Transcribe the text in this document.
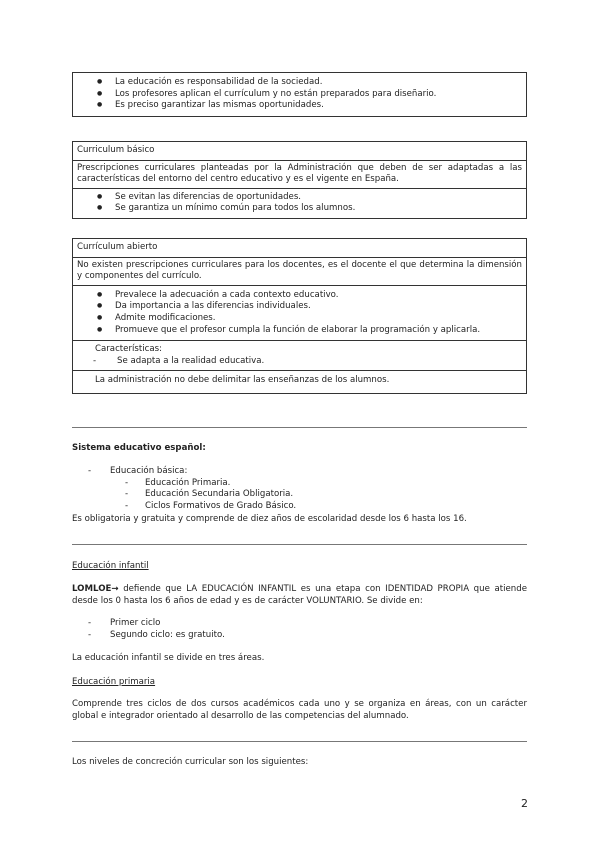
● La educación es responsabilidad de la sociedad.
● Los profesores aplican el currículum y no están preparados para diseñario.
● Es preciso garantizar las mismas oportunidades.
Curriculum básico
Prescripciones curriculares planteadas por la Administración que deben de ser adaptadas a las características del entorno del centro educativo y es el vigente en España.
● Se evitan las diferencias de oportunidades.
● Se garantiza un mínimo común para todos los alumnos.
Currículum abierto
No existen prescripciones curriculares para los docentes, es el docente el que determina la dimensión y componentes del currículo.
● Prevalece la adecuación a cada contexto educativo.
● Da importancia a las diferencias individuales.
● Admite modificaciones.
● Promueve que el profesor cumpla la función de elaborar la programación y aplicarla.
Características:
- Se adapta a la realidad educativa.
La administración no debe delimitar las enseñanzas de los alumnos.
Sistema educativo español:
- Educación básica:
- Educación Primaria.
- Educación Secundaria Obligatoria.
- Ciclos Formativos de Grado Básico.
Es obligatoria y gratuita y comprende de diez años de escolaridad desde los 6 hasta los 16.
Educación infantil
LOMLOE→ defiende que LA EDUCACIÓN INFANTIL es una etapa con IDENTIDAD PROPIA que atiende desde los 0 hasta los 6 años de edad y es de carácter VOLUNTARIO. Se divide en:
- Primer ciclo
- Segundo ciclo: es gratuito.
La educación infantil se divide en tres áreas.
Educación primaria
Comprende tres ciclos de dos cursos académicos cada uno y se organiza en áreas, con un carácter global e integrador orientado al desarrollo de las competencias del alumnado.
Los niveles de concreción curricular son los siguientes:
2
